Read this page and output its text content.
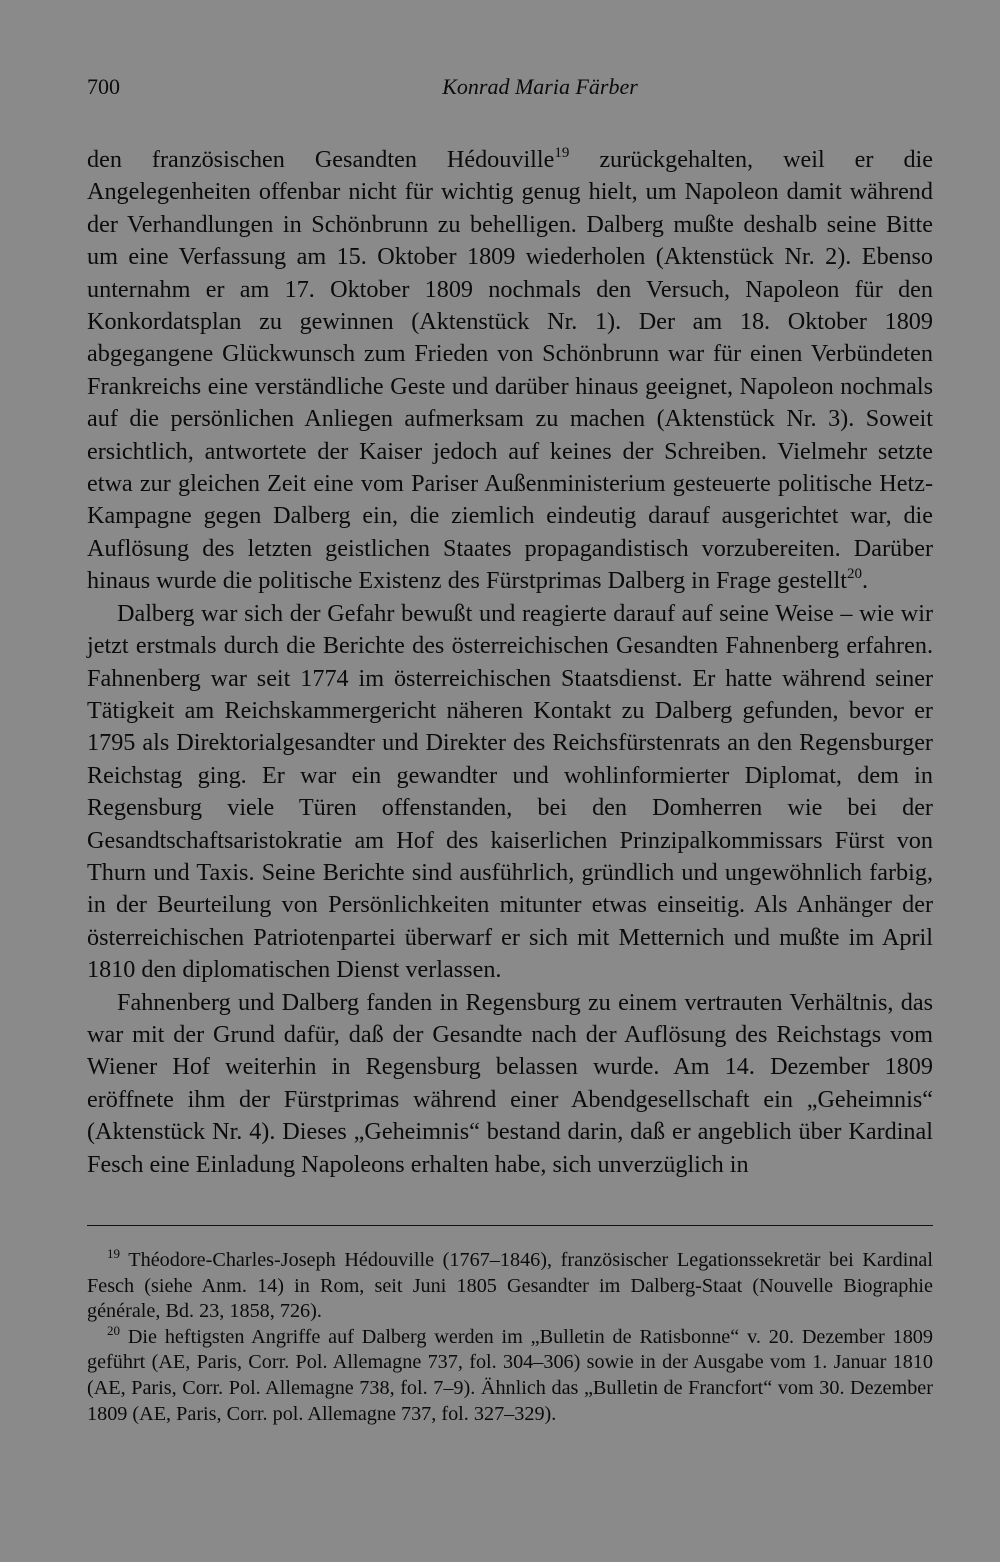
700	Konrad Maria Färber

den französischen Gesandten Hédouville$^{19}$ zurückgehalten, weil er die Angelegenheiten offenbar nicht für wichtig genug hielt, um Napoleon damit während der Verhandlungen in Schönbrunn zu behelligen. Dalberg mußte deshalb seine Bitte um eine Verfassung am 15. Oktober 1809 wiederholen (Aktenstück Nr. 2). Ebenso unternahm er am 17. Oktober 1809 nochmals den Versuch, Napoleon für den Konkordatsplan zu gewinnen (Aktenstück Nr. 1). Der am 18. Oktober 1809 abgegangene Glückwunsch zum Frieden von Schönbrunn war für einen Verbündeten Frankreichs eine verständliche Geste und darüber hinaus geeignet, Napoleon nochmals auf die persönlichen Anliegen aufmerksam zu machen (Aktenstück Nr. 3). Soweit ersichtlich, antwortete der Kaiser jedoch auf keines der Schreiben. Vielmehr setzte etwa zur gleichen Zeit eine vom Pariser Außenministerium gesteuerte politische Hetz-Kampagne gegen Dalberg ein, die ziemlich eindeutig darauf ausgerichtet war, die Auflösung des letzten geistlichen Staates propagandistisch vorzubereiten. Darüber hinaus wurde die politische Existenz des Fürstprimas Dalberg in Frage gestellt$^{20}$.

Dalberg war sich der Gefahr bewußt und reagierte darauf auf seine Weise – wie wir jetzt erstmals durch die Berichte des österreichischen Gesandten Fahnenberg erfahren. Fahnenberg war seit 1774 im österreichischen Staatsdienst. Er hatte während seiner Tätigkeit am Reichskammergericht näheren Kontakt zu Dalberg gefunden, bevor er 1795 als Direktorialgesandter und Direkter des Reichsfürstenrats an den Regensburger Reichstag ging. Er war ein gewandter und wohlinformierter Diplomat, dem in Regensburg viele Türen offenstanden, bei den Domherren wie bei der Gesandtschaftsaristokratie am Hof des kaiserlichen Prinzipalkommissars Fürst von Thurn und Taxis. Seine Berichte sind ausführlich, gründlich und ungewöhnlich farbig, in der Beurteilung von Persönlichkeiten mitunter etwas einseitig. Als Anhänger der österreichischen Patriotenpartei überwarf er sich mit Metternich und mußte im April 1810 den diplomatischen Dienst verlassen.

Fahnenberg und Dalberg fanden in Regensburg zu einem vertrauten Verhältnis, das war mit der Grund dafür, daß der Gesandte nach der Auflösung des Reichstags vom Wiener Hof weiterhin in Regensburg belassen wurde. Am 14. Dezember 1809 eröffnete ihm der Fürstprimas während einer Abendgesellschaft ein „Geheimnis“ (Aktenstück Nr. 4). Dieses „Geheimnis“ bestand darin, daß er angeblich über Kardinal Fesch eine Einladung Napoleons erhalten habe, sich unverzüglich in

$^{19}$ Théodore-Charles-Joseph Hédouville (1767–1846), französischer Legationssekretär bei Kardinal Fesch (siehe Anm. 14) in Rom, seit Juni 1805 Gesandter im Dalberg-Staat (Nouvelle Biographie générale, Bd. 23, 1858, 726).

$^{20}$ Die heftigsten Angriffe auf Dalberg werden im „Bulletin de Ratisbonne“ v. 20. Dezember 1809 geführt (AE, Paris, Corr. Pol. Allemagne 737, fol. 304–306) sowie in der Ausgabe vom 1. Januar 1810 (AE, Paris, Corr. Pol. Allemagne 738, fol. 7–9). Ähnlich das „Bulletin de Francfort“ vom 30. Dezember 1809 (AE, Paris, Corr. pol. Allemagne 737, fol. 327–329).
